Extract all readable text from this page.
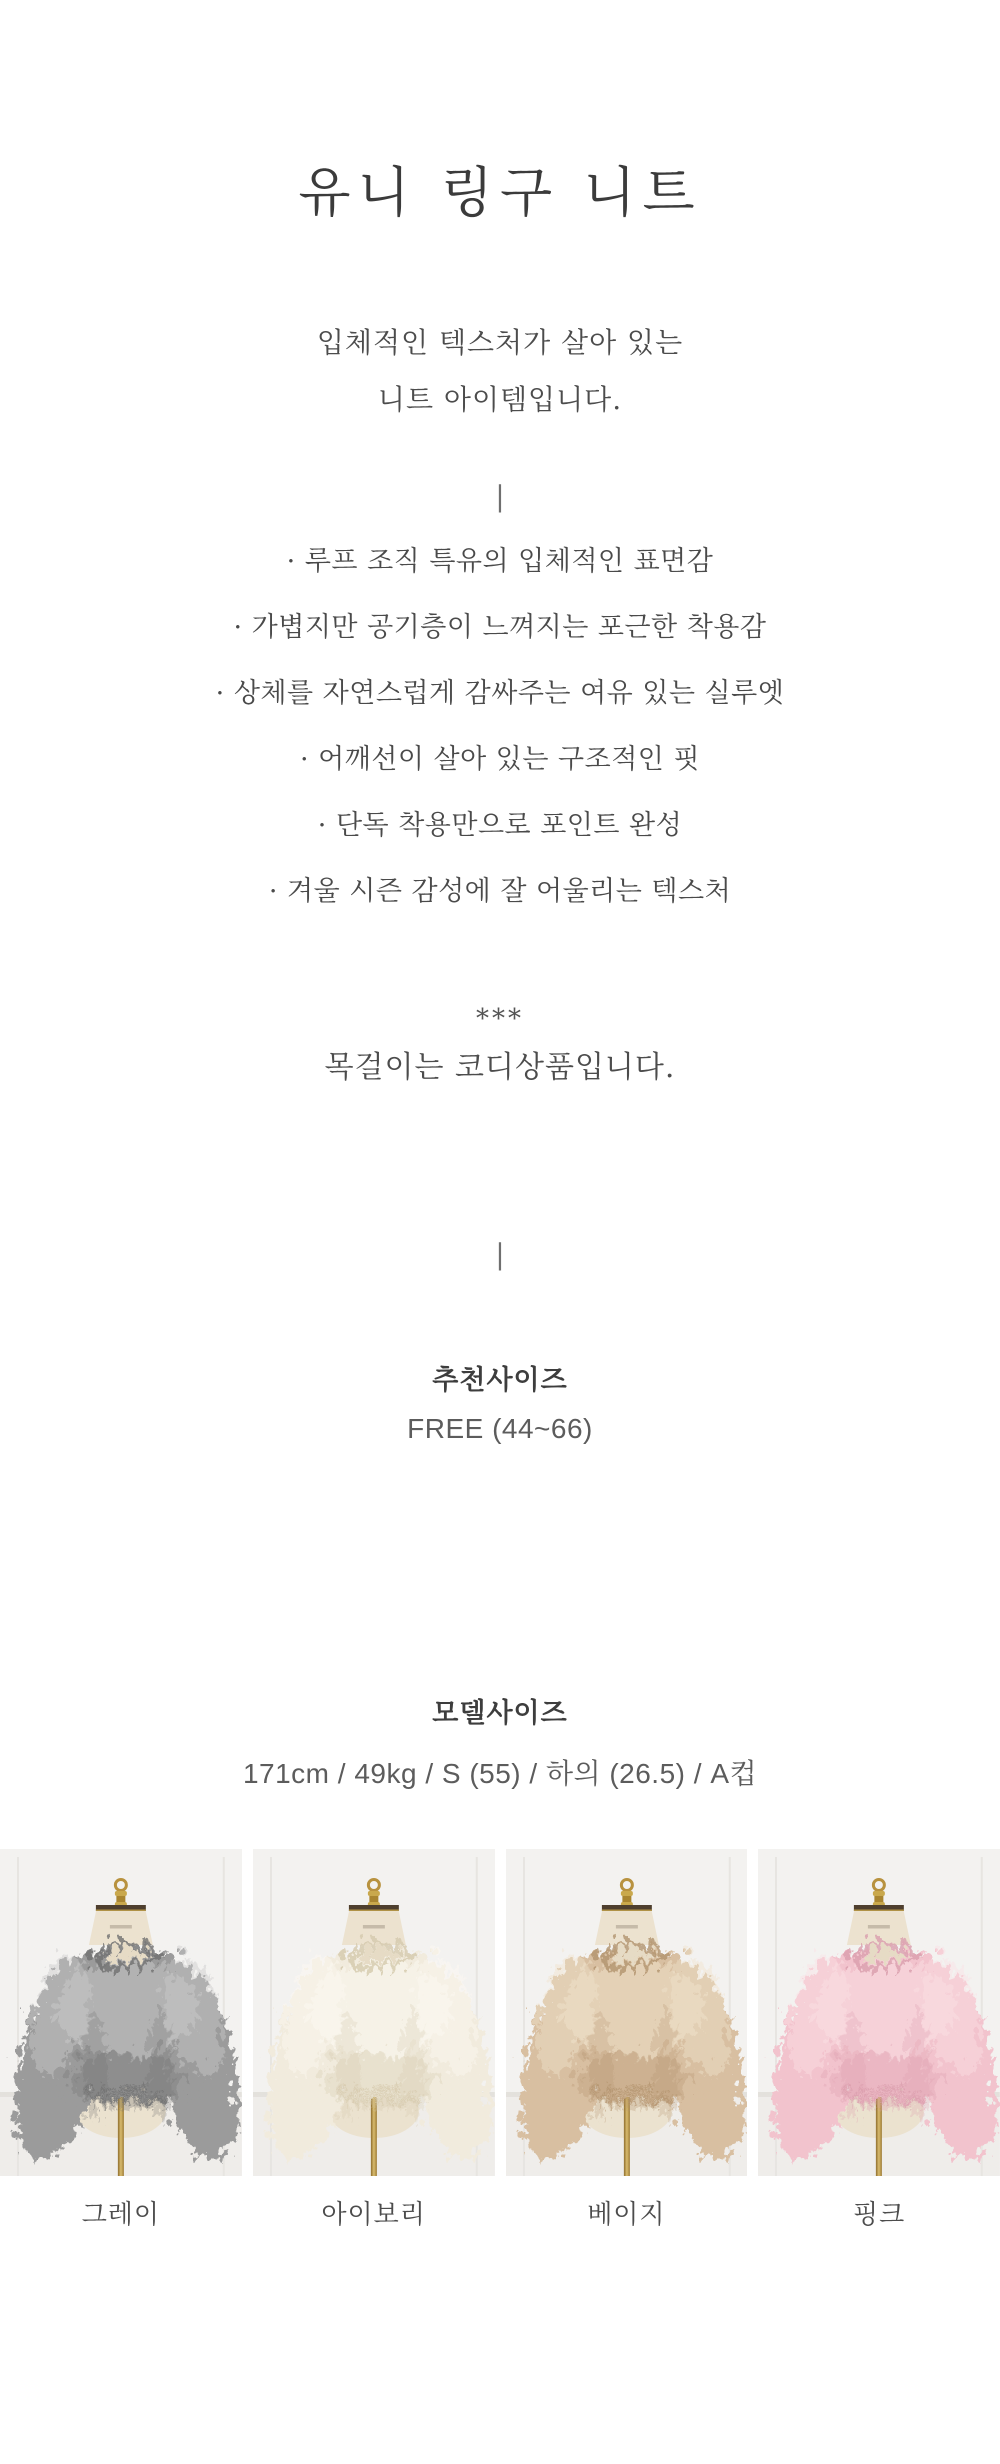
유니 링구 니트
입체적인 텍스처가 살아 있는
니트 아이템입니다.
|
· 루프 조직 특유의 입체적인 표면감
· 가볍지만 공기층이 느껴지는 포근한 착용감
· 상체를 자연스럽게 감싸주는 여유 있는 실루엣
· 어깨선이 살아 있는 구조적인 핏
· 단독 착용만으로 포인트 완성
· 겨울 시즌 감성에 잘 어울리는 텍스처
***
목걸이는 코디상품입니다.
|
추천사이즈
FREE (44~66)
모델사이즈
171cm / 49kg / S (55) / 하의 (26.5) / A컵
그레이	아이보리	베이지	핑크
